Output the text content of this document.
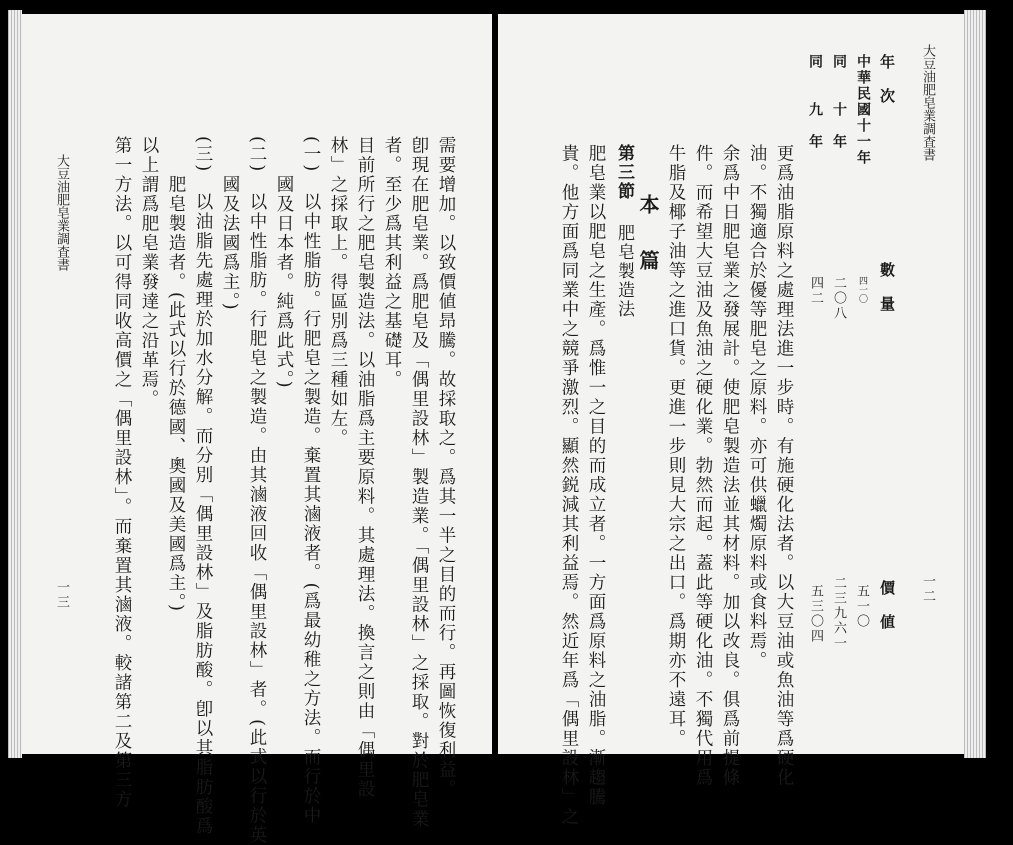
大豆油肥皂業調査書
一三	需要增加。以致價値昻騰。故採取之。爲其一半之目的而行。再圖恢復利益。
卽現在肥皂業。爲肥皂及「偶里設林」製造業。「偶里設林」之採取。對於肥皂業
者。至少爲其利益之基礎耳。
目前所行之肥皂製造法。以油脂爲主要原料。其處理法。換言之則由「偶里設
林」之採取上。得區別爲三種如左。
(一)　以中性脂肪。行肥皂之製造。棄置其滷液者。(爲最幼稚之方法。而行於中
　　國及日本者。純爲此式。)
(二)　以中性脂肪。行肥皂之製造。由其滷液回收「偶里設林」者。(此式以行於英
　　國及法國爲主。)
(三)　以油脂先處理於加水分解。而分別「偶里設林」及脂肪酸。卽以其脂肪酸爲
　　肥皂製造者。(此式以行於德國、奧國及美國爲主。)
以上謂爲肥皂業發達之沿革焉。
第一方法。以可得同收高價之「偶里設林」。而棄置其滷液。較諸第二及第三方
大豆油肥皂業調査書
一二
年　次
數　量
價　値
中華民國十一年
四一〇
五一〇
同　　十　年
二〇八
二三九六一
同　　九　年
四二
五三〇四
更爲油脂原料之處理法進一步時。有施硬化法者。以大豆油或魚油等爲硬化
油。不獨適合於優等肥皂之原料。亦可供蠟燭原料或食料焉。
余爲中日肥皂業之發展計。使肥皂製造法並其材料。加以改良。俱爲前提條
件。而希望大豆油及魚油之硬化業。勃然而起。蓋此等硬化油。不獨代用爲
牛脂及椰子油等之進口貨。更進一步則見大宗之出口。爲期亦不遠耳。
本　篇
第三節
肥皂製造法
肥皂業以肥皂之生產。爲惟一之目的而成立者。一方面爲原料之油脂。漸趨騰
貴。他方面爲同業中之競爭激烈。顯然鋭減其利益焉。然近年爲「偶里設林」之
